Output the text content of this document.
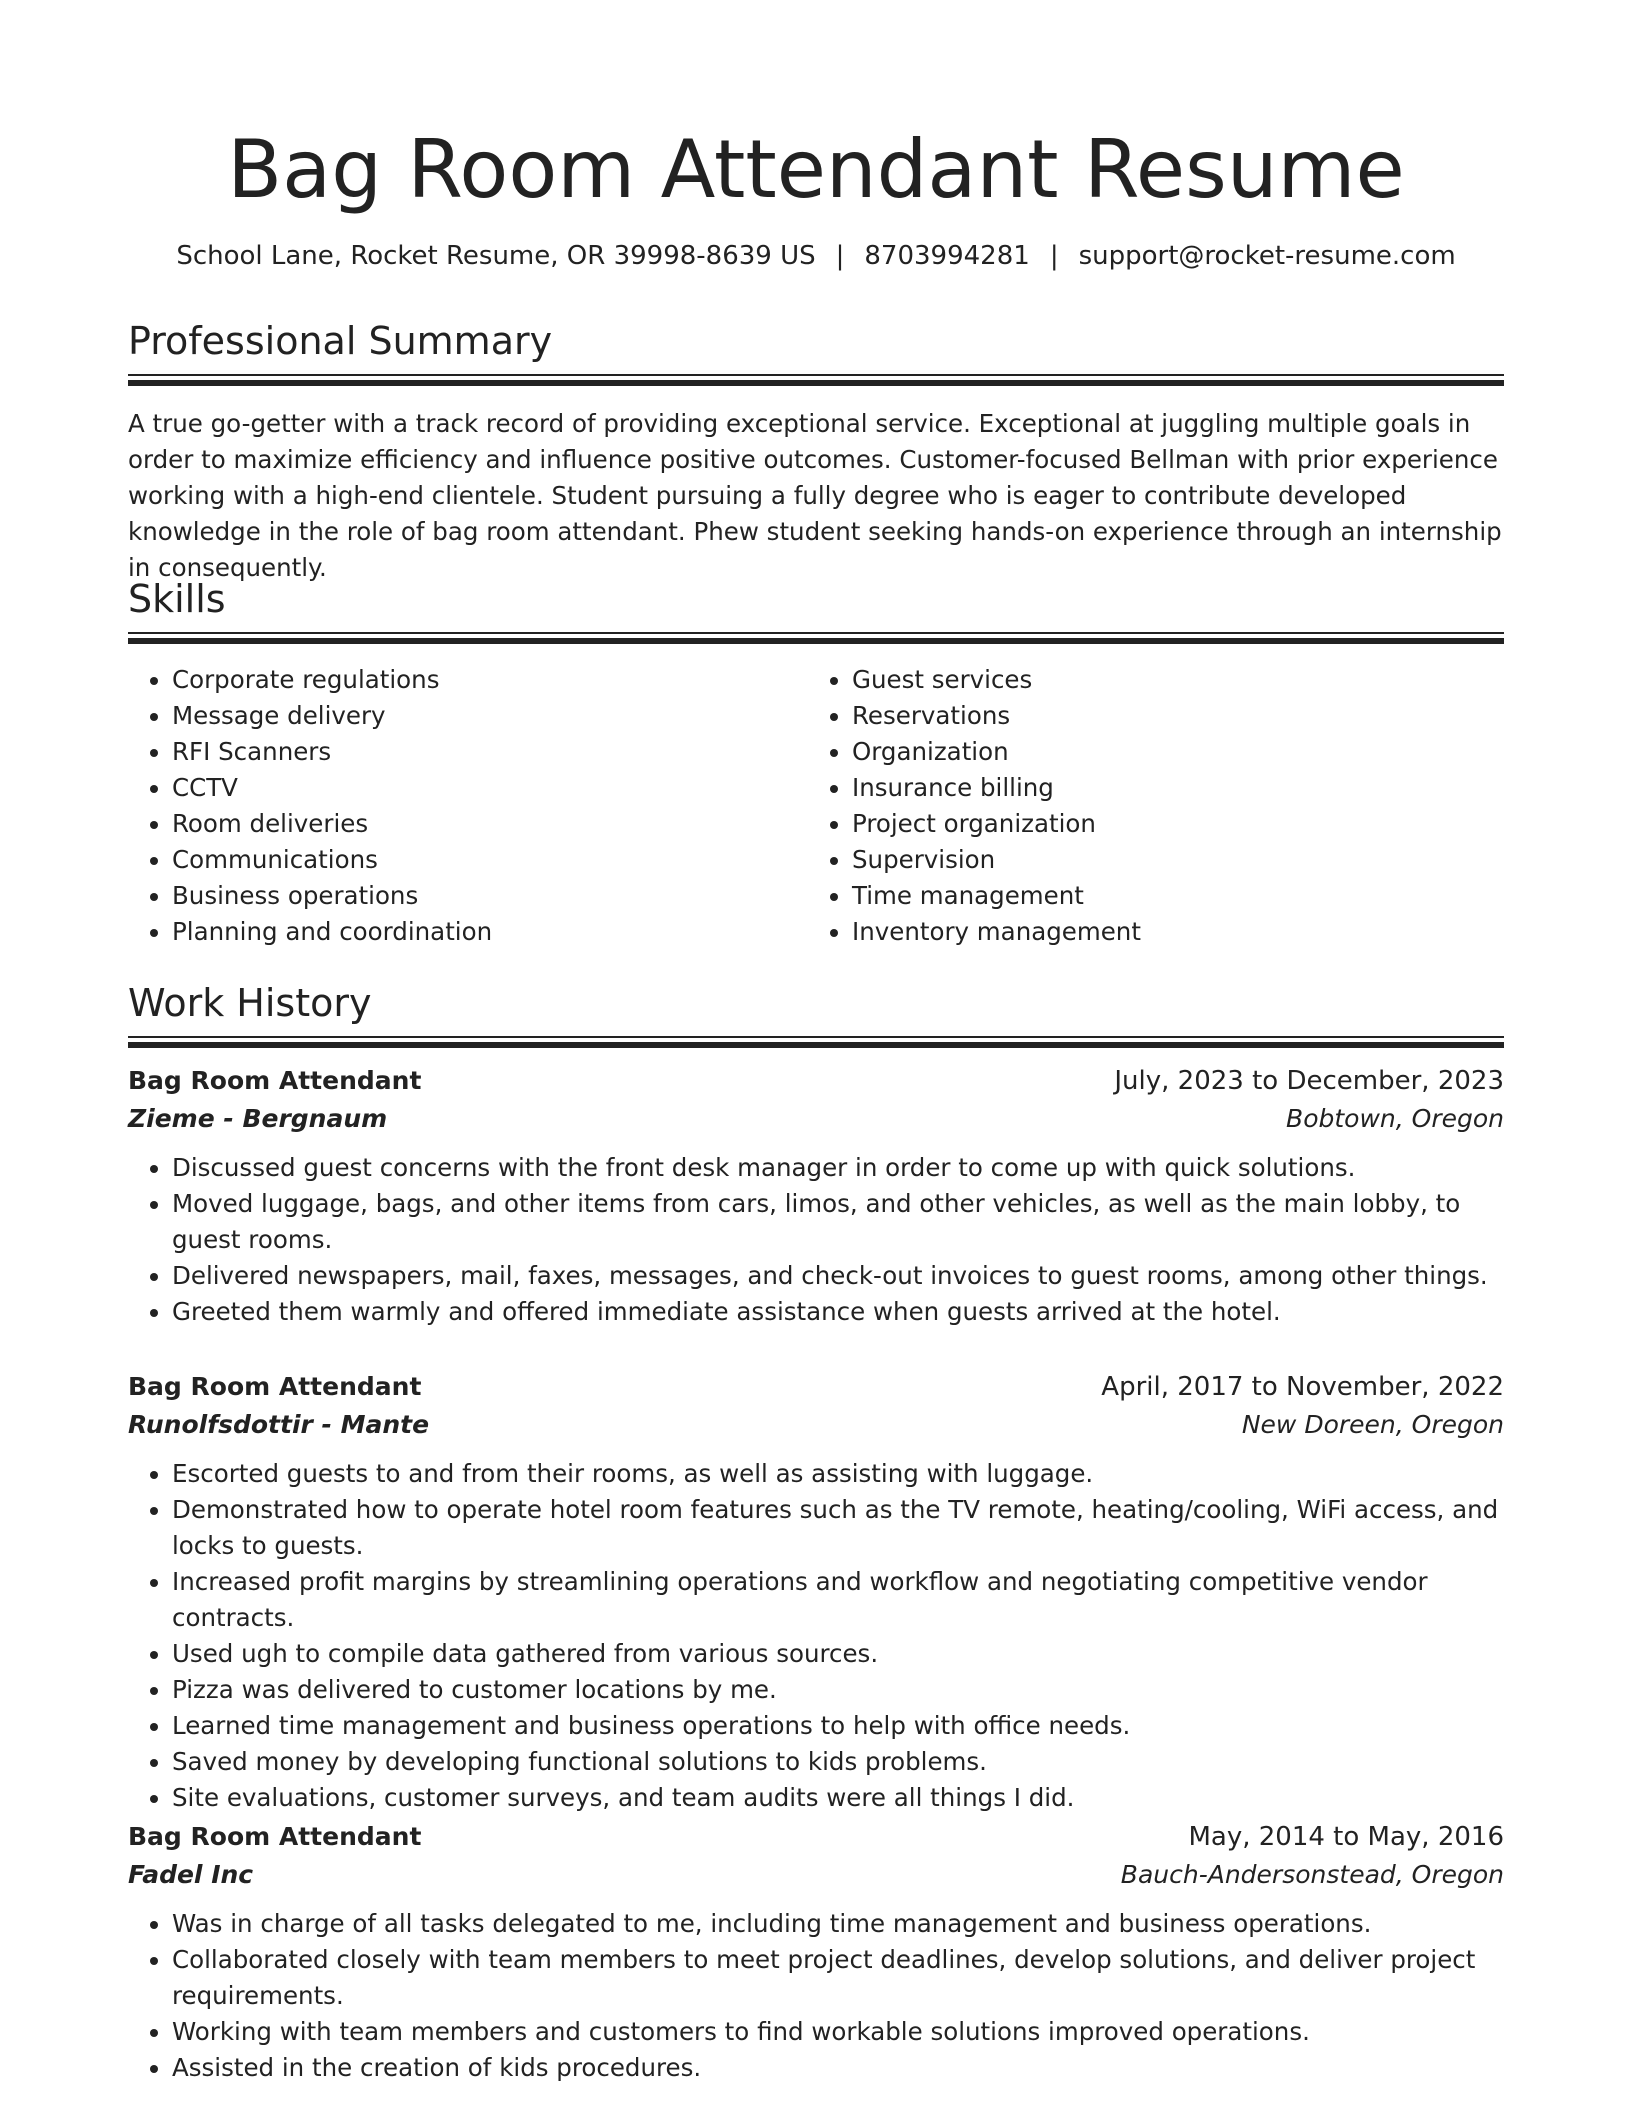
Bag Room Attendant Resume
School Lane, Rocket Resume, OR 39998-8639 US | 8703994281 | support@rocket-resume.com
Professional Summary

A true go-getter with a track record of providing exceptional service. Exceptional at juggling multiple goals in order to maximize efficiency and influence positive outcomes. Customer-focused Bellman with prior experience working with a high-end clientele. Student pursuing a fully degree who is eager to contribute developed knowledge in the role of bag room attendant. Phew student seeking hands-on experience through an internship in consequently.

Skills
• Corporate regulations
• Message delivery
• RFI Scanners
• CCTV
• Room deliveries
• Communications
• Business operations
• Planning and coordination
• Guest services
• Reservations
• Organization
• Insurance billing
• Project organization
• Supervision
• Time management
• Inventory management
Work History
Bag Room Attendant	July, 2023 to December, 2023
Zieme - Bergnaum	Bobtown, Oregon
• Discussed guest concerns with the front desk manager in order to come up with quick solutions.
• Moved luggage, bags, and other items from cars, limos, and other vehicles, as well as the main lobby, to guest rooms.
• Delivered newspapers, mail, faxes, messages, and check-out invoices to guest rooms, among other things.
• Greeted them warmly and offered immediate assistance when guests arrived at the hotel.
Bag Room Attendant	April, 2017 to November, 2022
Runolfsdottir - Mante	New Doreen, Oregon
• Escorted guests to and from their rooms, as well as assisting with luggage.
• Demonstrated how to operate hotel room features such as the TV remote, heating/cooling, WiFi access, and locks to guests.
• Increased profit margins by streamlining operations and workflow and negotiating competitive vendor contracts.
• Used ugh to compile data gathered from various sources.
• Pizza was delivered to customer locations by me.
• Learned time management and business operations to help with office needs.
• Saved money by developing functional solutions to kids problems.
• Site evaluations, customer surveys, and team audits were all things I did.
Bag Room Attendant	May, 2014 to May, 2016
Fadel Inc	Bauch-Andersonstead, Oregon
• Was in charge of all tasks delegated to me, including time management and business operations.
• Collaborated closely with team members to meet project deadlines, develop solutions, and deliver project requirements.
• Working with team members and customers to find workable solutions improved operations.
• Assisted in the creation of kids procedures.
